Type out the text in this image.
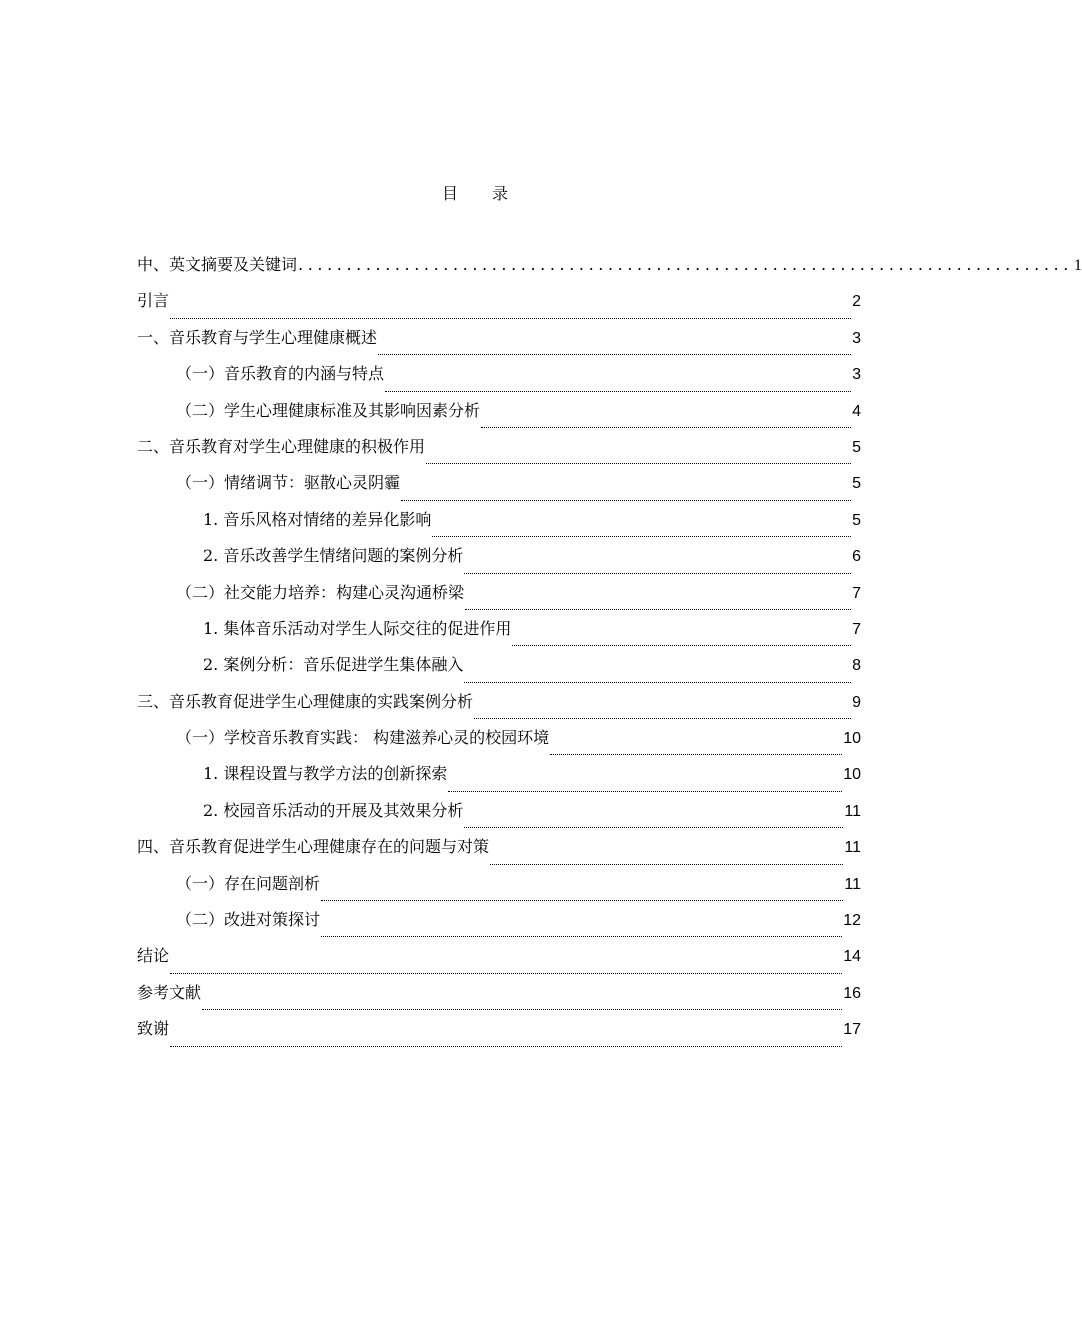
目 录
中、英文摘要及关键词 ................................................................................ 1
引言	2
一、音乐教育与学生心理健康概述	3
（一）音乐教育的内涵与特点	3
（二）学生心理健康标准及其影响因素分析	4
二、音乐教育对学生心理健康的积极作用	5
（一）情绪调节：驱散心灵阴霾	5
1. 音乐风格对情绪的差异化影响	5
2. 音乐改善学生情绪问题的案例分析	6
（二）社交能力培养：构建心灵沟通桥梁	7
1. 集体音乐活动对学生人际交往的促进作用	7
2. 案例分析：音乐促进学生集体融入	8
三、音乐教育促进学生心理健康的实践案例分析	9
（一）学校音乐教育实践： 构建滋养心灵的校园环境	10
1. 课程设置与教学方法的创新探索	10
2. 校园音乐活动的开展及其效果分析	11
四、音乐教育促进学生心理健康存在的问题与对策	11
（一）存在问题剖析	11
（二）改进对策探讨	12
结论	14
参考文献	16
致谢	17
